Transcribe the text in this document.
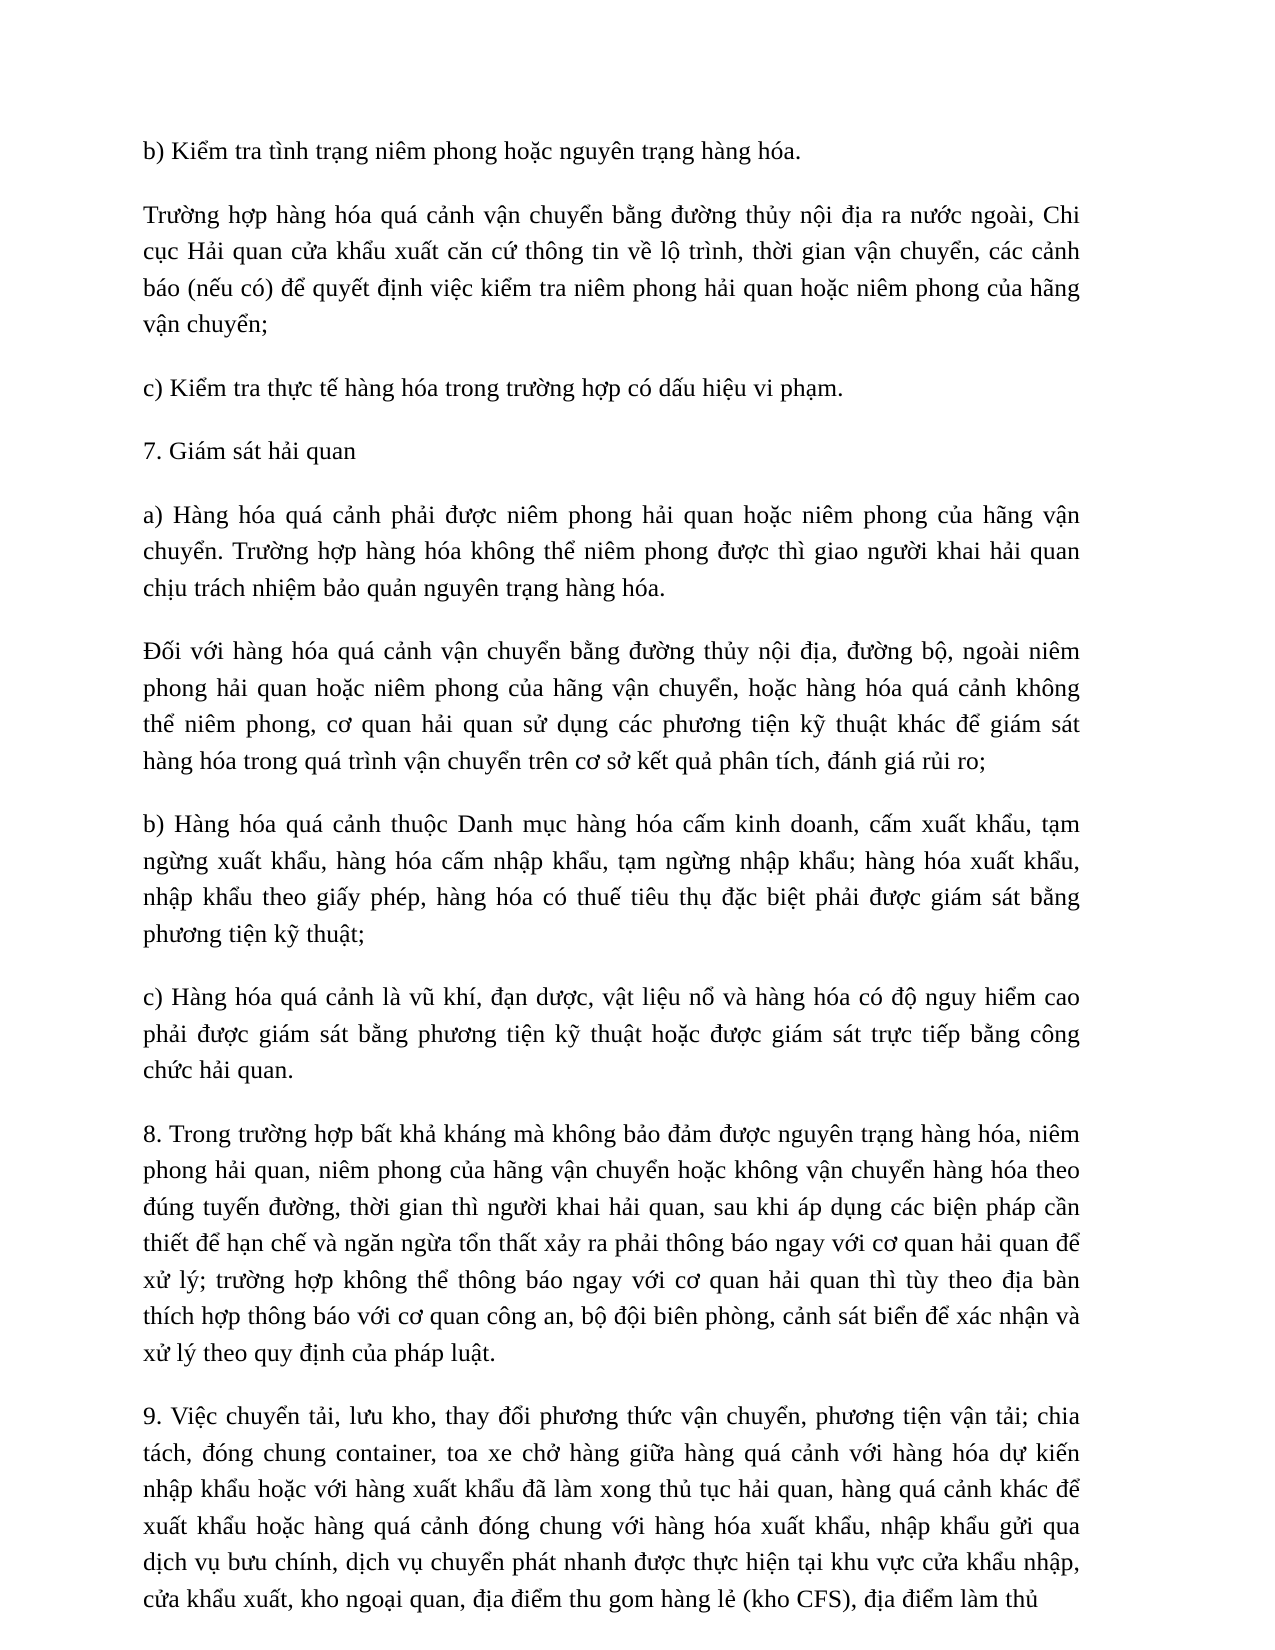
b) Kiểm tra tình trạng niêm phong hoặc nguyên trạng hàng hóa.

Trường hợp hàng hóa quá cảnh vận chuyển bằng đường thủy nội địa ra nước ngoài, Chi cục Hải quan cửa khẩu xuất căn cứ thông tin về lộ trình, thời gian vận chuyển, các cảnh báo (nếu có) để quyết định việc kiểm tra niêm phong hải quan hoặc niêm phong của hãng vận chuyển;

c) Kiểm tra thực tế hàng hóa trong trường hợp có dấu hiệu vi phạm.

7. Giám sát hải quan

a) Hàng hóa quá cảnh phải được niêm phong hải quan hoặc niêm phong của hãng vận chuyển. Trường hợp hàng hóa không thể niêm phong được thì giao người khai hải quan chịu trách nhiệm bảo quản nguyên trạng hàng hóa.

Đối với hàng hóa quá cảnh vận chuyển bằng đường thủy nội địa, đường bộ, ngoài niêm phong hải quan hoặc niêm phong của hãng vận chuyển, hoặc hàng hóa quá cảnh không thể niêm phong, cơ quan hải quan sử dụng các phương tiện kỹ thuật khác để giám sát hàng hóa trong quá trình vận chuyển trên cơ sở kết quả phân tích, đánh giá rủi ro;

b) Hàng hóa quá cảnh thuộc Danh mục hàng hóa cấm kinh doanh, cấm xuất khẩu, tạm ngừng xuất khẩu, hàng hóa cấm nhập khẩu, tạm ngừng nhập khẩu; hàng hóa xuất khẩu, nhập khẩu theo giấy phép, hàng hóa có thuế tiêu thụ đặc biệt phải được giám sát bằng phương tiện kỹ thuật;

c) Hàng hóa quá cảnh là vũ khí, đạn dược, vật liệu nổ và hàng hóa có độ nguy hiểm cao phải được giám sát bằng phương tiện kỹ thuật hoặc được giám sát trực tiếp bằng công chức hải quan.

8. Trong trường hợp bất khả kháng mà không bảo đảm được nguyên trạng hàng hóa, niêm phong hải quan, niêm phong của hãng vận chuyển hoặc không vận chuyển hàng hóa theo đúng tuyến đường, thời gian thì người khai hải quan, sau khi áp dụng các biện pháp cần thiết để hạn chế và ngăn ngừa tổn thất xảy ra phải thông báo ngay với cơ quan hải quan để xử lý; trường hợp không thể thông báo ngay với cơ quan hải quan thì tùy theo địa bàn thích hợp thông báo với cơ quan công an, bộ đội biên phòng, cảnh sát biển để xác nhận và xử lý theo quy định của pháp luật.

9. Việc chuyển tải, lưu kho, thay đổi phương thức vận chuyển, phương tiện vận tải; chia tách, đóng chung container, toa xe chở hàng giữa hàng quá cảnh với hàng hóa dự kiến nhập khẩu hoặc với hàng xuất khẩu đã làm xong thủ tục hải quan, hàng quá cảnh khác để xuất khẩu hoặc hàng quá cảnh đóng chung với hàng hóa xuất khẩu, nhập khẩu gửi qua dịch vụ bưu chính, dịch vụ chuyển phát nhanh được thực hiện tại khu vực cửa khẩu nhập, cửa khẩu xuất, kho ngoại quan, địa điểm thu gom hàng lẻ (kho CFS), địa điểm làm thủ
